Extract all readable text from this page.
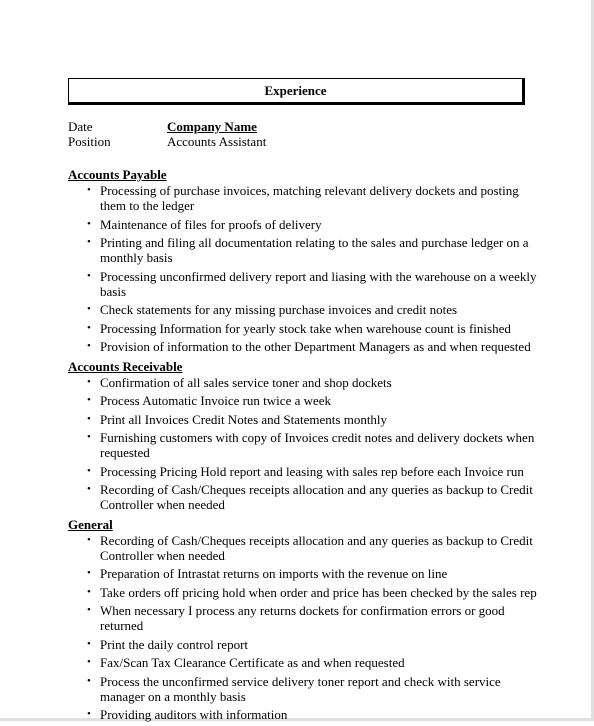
Experience
Date	Company Name
Position	Accounts Assistant
Accounts Payable
• Processing of purchase invoices, matching relevant delivery dockets and posting them to the ledger
• Maintenance of files for proofs of delivery
• Printing and filing all documentation relating to the sales and purchase ledger on a monthly basis
• Processing unconfirmed delivery report and liasing with the warehouse on a weekly basis
• Check statements for any missing purchase invoices and credit notes
• Processing Information for yearly stock take when warehouse count is finished
• Provision of information to the other Department Managers as and when requested
Accounts Receivable
• Confirmation of all sales service toner and shop dockets
• Process Automatic Invoice run twice a week
• Print all Invoices Credit Notes and Statements monthly
• Furnishing customers with copy of Invoices credit notes and delivery dockets when requested
• Processing Pricing Hold report and leasing with sales rep before each Invoice run
• Recording of Cash/Cheques receipts allocation and any queries as backup to Credit Controller when needed
General
• Recording of Cash/Cheques receipts allocation and any queries as backup to Credit Controller when needed
• Preparation of Intrastat returns on imports with the revenue on line
• Take orders off pricing hold when order and price has been checked by the sales rep
• When necessary I process any returns dockets for confirmation errors or good returned
• Print the daily control report
• Fax/Scan Tax Clearance Certificate as and when requested
• Process the unconfirmed service delivery toner report and check with service manager on a monthly basis
• Providing auditors with information
